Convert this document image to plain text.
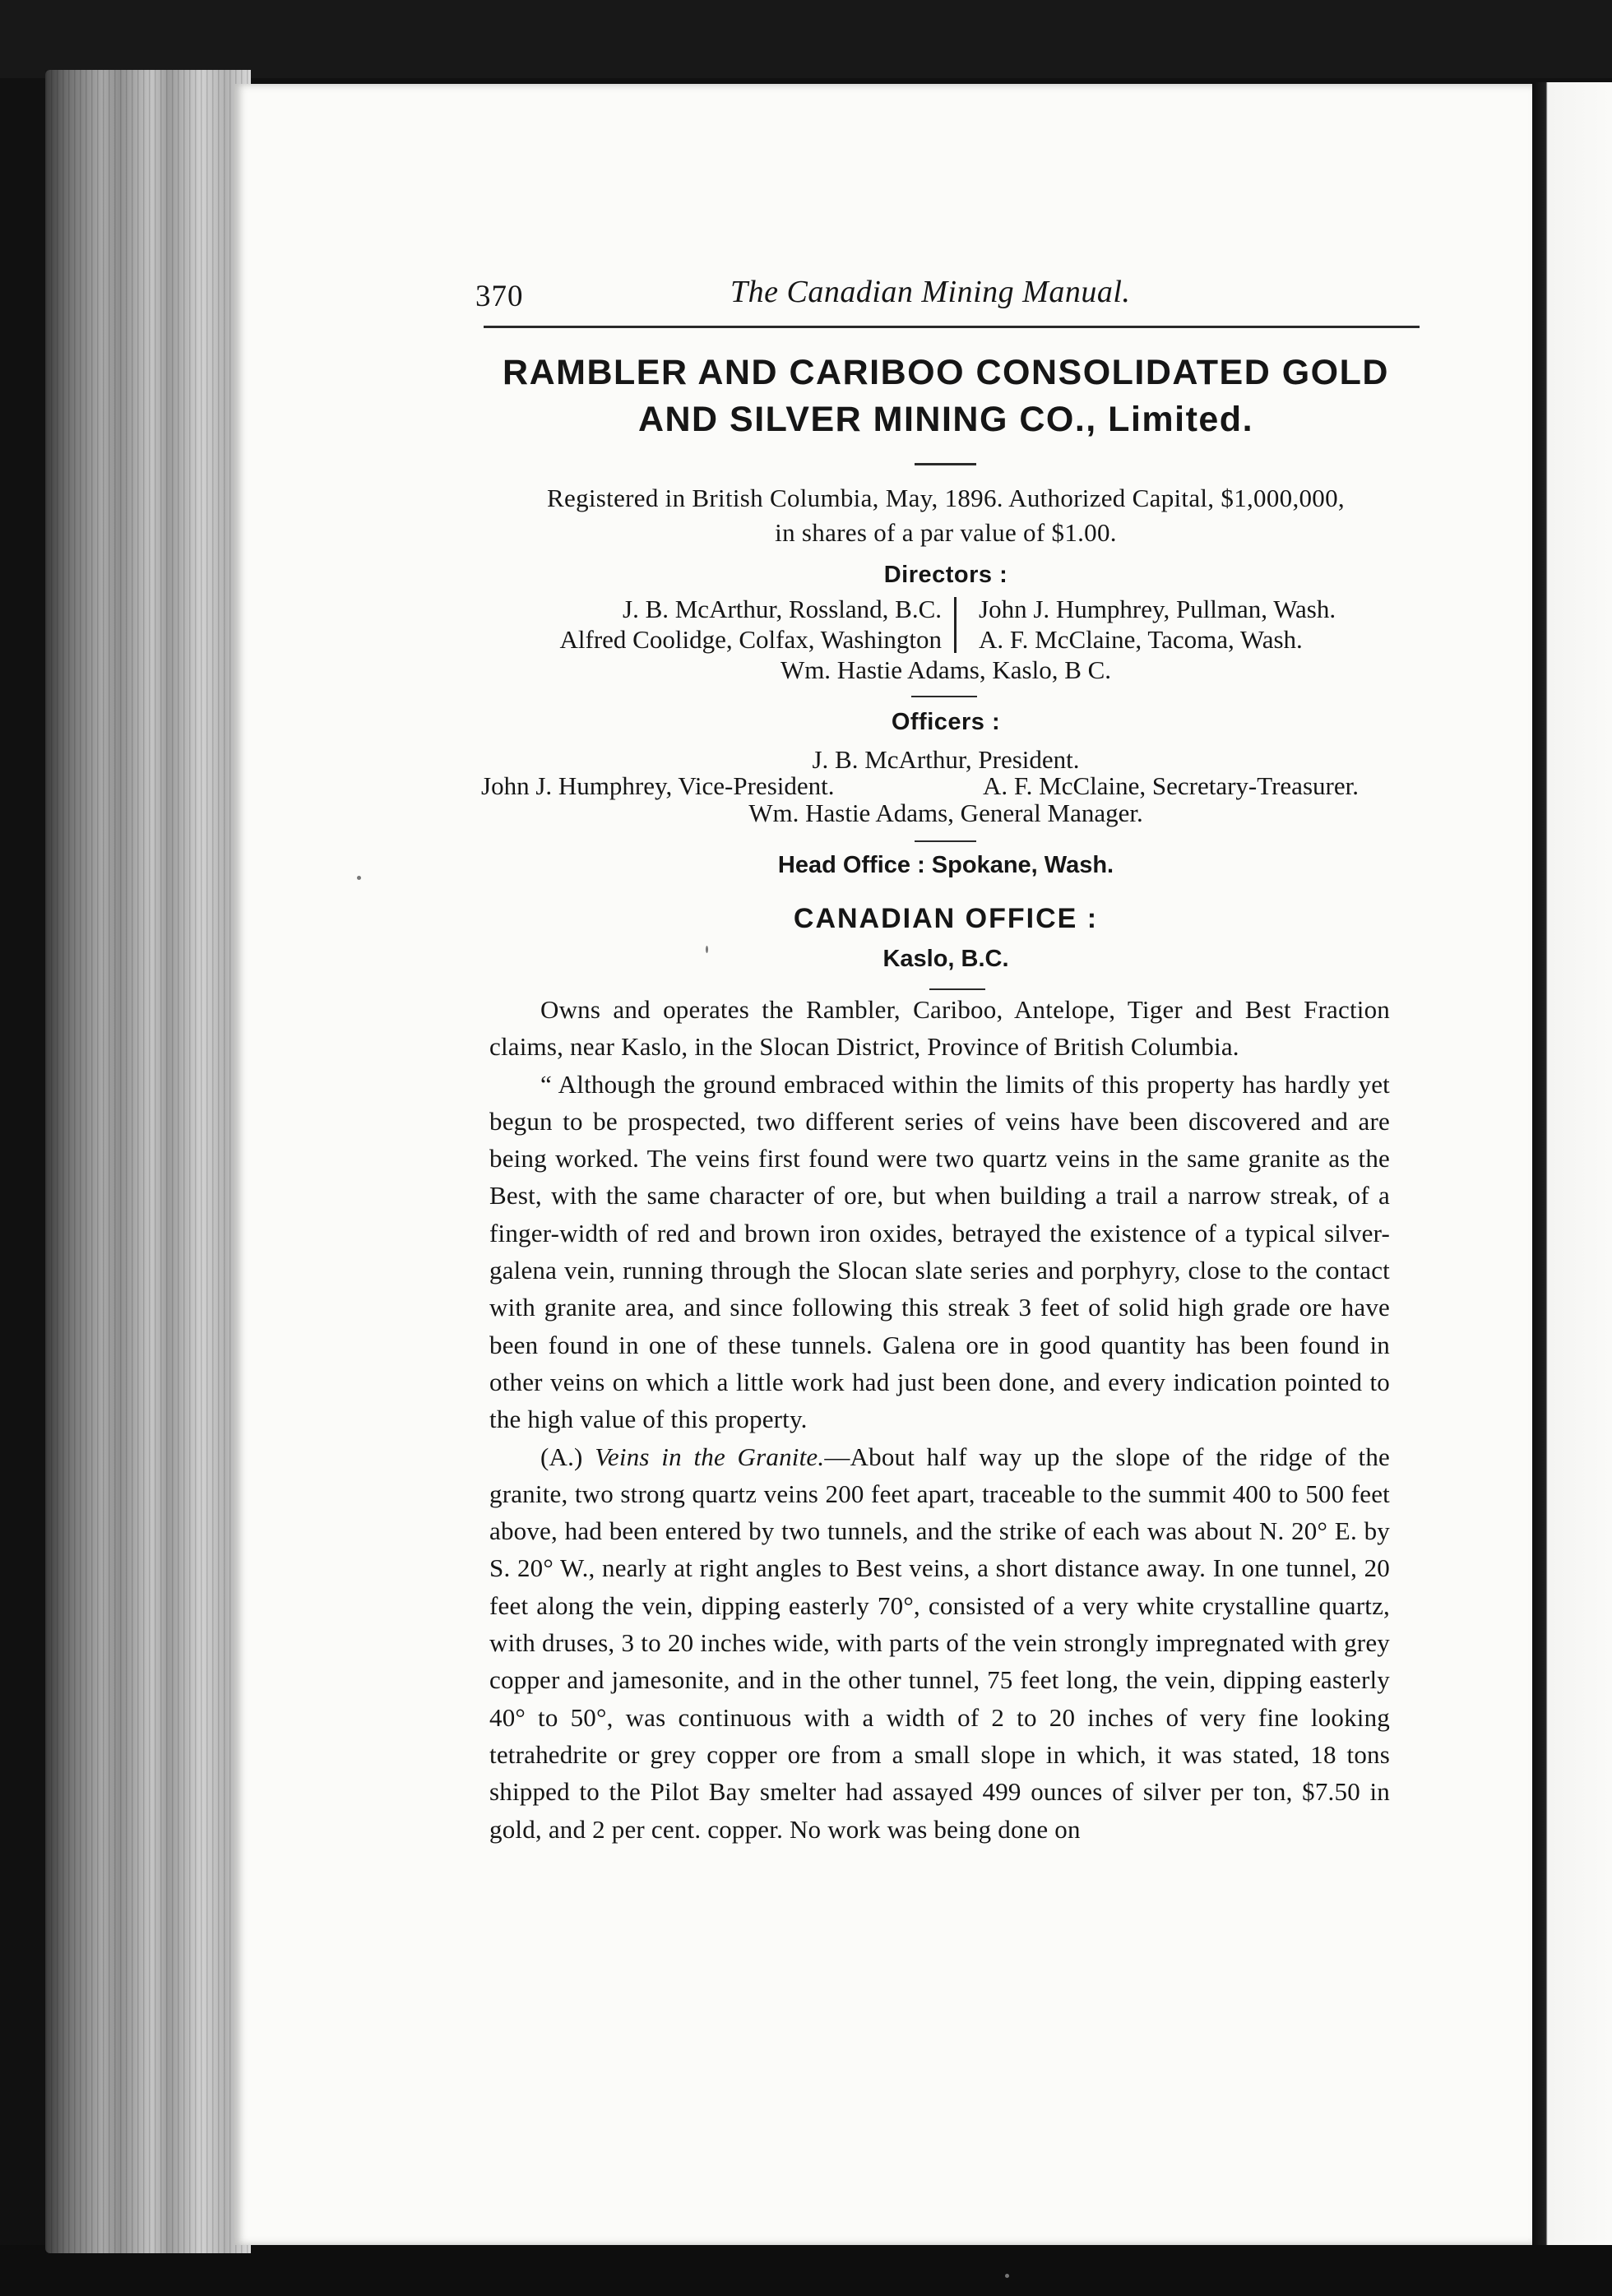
370	The Canadian Mining Manual.
RAMBLER AND CARIBOO CONSOLIDATED GOLD
AND SILVER MINING CO., Limited.
Registered in British Columbia, May, 1896. Authorized Capital, $1,000,000,
in shares of a par value of $1.00.
Directors :
J. B. McArthur, Rossland, B.C.
Alfred Coolidge, Colfax, Washington
John J. Humphrey, Pullman, Wash.
A. F. McClaine, Tacoma, Wash.
Wm. Hastie Adams, Kaslo, B C.
Officers :
J. B. McArthur, President.
John J. Humphrey, Vice-President.	A. F. McClaine, Secretary-Treasurer.
Wm. Hastie Adams, General Manager.
Head Office : Spokane, Wash.
CANADIAN OFFICE :
Kaslo, B.C.

Owns and operates the Rambler, Cariboo, Antelope, Tiger and Best Fraction claims, near Kaslo, in the Slocan District, Province of British Columbia.

“ Although the ground embraced within the limits of this property has hardly yet begun to be prospected, two different series of veins have been discovered and are being worked. The veins first found were two quartz veins in the same granite as the Best, with the same character of ore, but when building a trail a narrow streak, of a finger-width of red and brown iron oxides, betrayed the existence of a typical silver-galena vein, running through the Slocan slate series and porphyry, close to the contact with granite area, and since following this streak 3 feet of solid high grade ore have been found in one of these tunnels. Galena ore in good quantity has been found in other veins on which a little work had just been done, and every indication pointed to the high value of this property.

(A.) Veins in the Granite.—About half way up the slope of the ridge of the granite, two strong quartz veins 200 feet apart, traceable to the summit 400 to 500 feet above, had been entered by two tunnels, and the strike of each was about N. 20° E. by S. 20° W., nearly at right angles to Best veins, a short distance away. In one tunnel, 20 feet along the vein, dipping easterly 70°, consisted of a very white crystalline quartz, with druses, 3 to 20 inches wide, with parts of the vein strongly impregnated with grey copper and jamesonite, and in the other tunnel, 75 feet long, the vein, dipping easterly 40° to 50°, was continuous with a width of 2 to 20 inches of very fine looking tetrahedrite or grey copper ore from a small slope in which, it was stated, 18 tons shipped to the Pilot Bay smelter had assayed 499 ounces of silver per ton, $7.50 in gold, and 2 per cent. copper. No work was being done on
